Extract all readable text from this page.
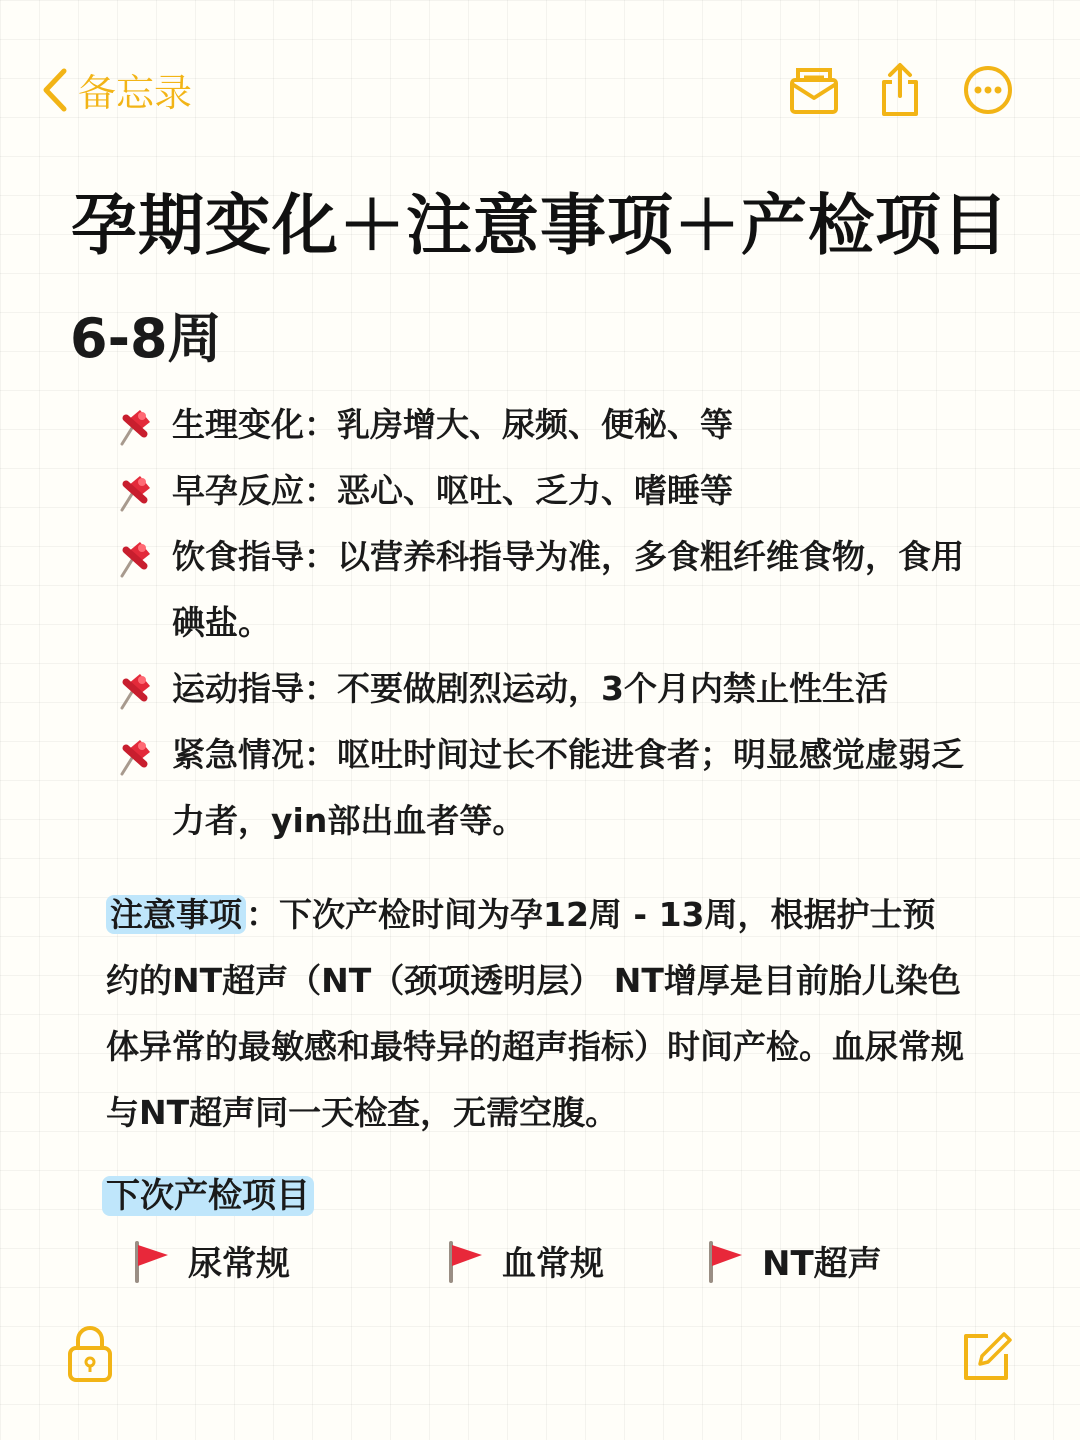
备忘录
孕期变化＋注意事项＋产检项目
6-8周
生理变化：乳房增大、尿频、便秘、等
早孕反应：恶心、呕吐、乏力、嗜睡等
饮食指导：以营养科指导为准，多食粗纤维食物，食用碘盐。
运动指导：不要做剧烈运动，3个月内禁止性生活
紧急情况：呕吐时间过长不能进食者；明显感觉虚弱乏力者，yin部出血者等。
注意事项 ：下次产检时间为孕12周 - 13周，根据护士预约的NT超声（NT（颈项透明层） NT增厚是目前胎儿染色体异常的最敏感和最特异的超声指标）时间产检。血尿常规与NT超声同一天检查，无需空腹。
下次产检项目
尿常规	血常规	NT超声
